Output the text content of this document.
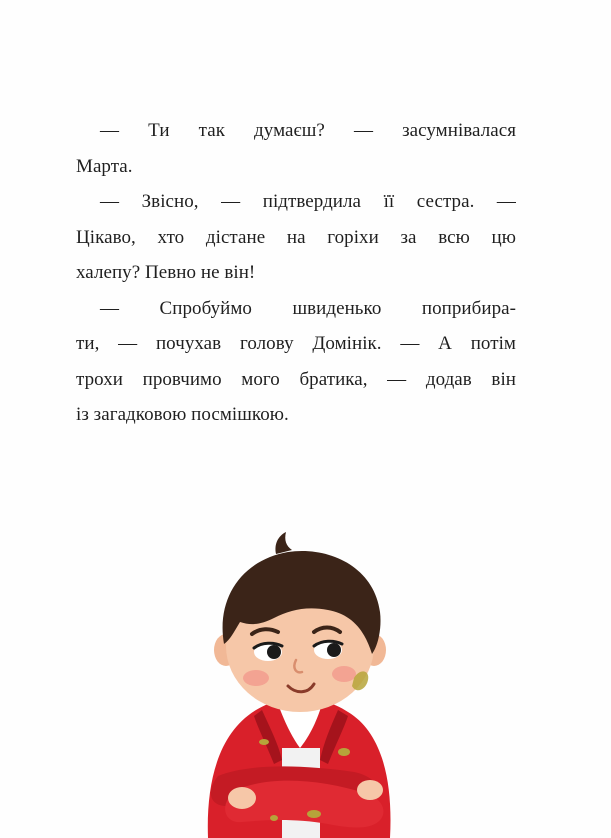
— Ти так думаєш? — засумнівалася
Марта.
— Звісно, — підтвердила її сестра. —
Цікаво, хто дістане на горіхи за всю цю
халепу? Певно не він!
— Спробуймо швиденько поприбира-
ти, — почухав голову Домінік. — А потім
трохи провчимо мого братика, — додав він
із загадковою посмішкою.
